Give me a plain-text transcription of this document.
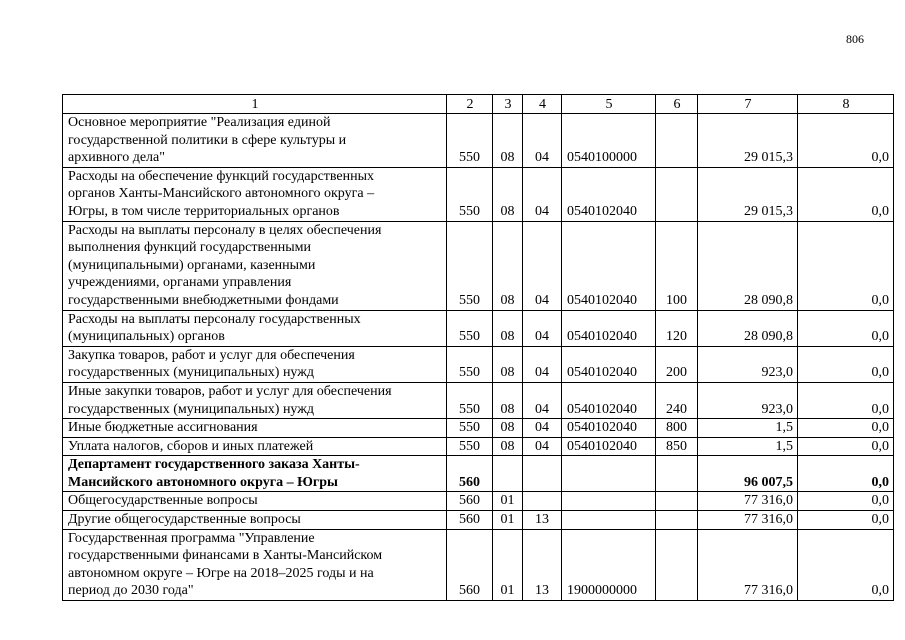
806
1	2	3	4	5	6	7	8

Основное мероприятие "Реализация единой
государственной политики в сфере культуры и
архивного дела"	550	08	04	0540100000		29 015,3	0,0

Расходы на обеспечение функций государственных
органов Ханты-Мансийского автономного округа –
Югры, в том числе территориальных органов	550	08	04	0540102040		29 015,3	0,0

Расходы на выплаты персоналу в целях обеспечения
выполнения функций государственными
(муниципальными) органами, казенными
учреждениями, органами управления
государственными внебюджетными фондами	550	08	04	0540102040	100	28 090,8	0,0

Расходы на выплаты персоналу государственных
(муниципальных) органов	550	08	04	0540102040	120	28 090,8	0,0

Закупка товаров, работ и услуг для обеспечения
государственных (муниципальных) нужд	550	08	04	0540102040	200	923,0	0,0

Иные закупки товаров, работ и услуг для обеспечения
государственных (муниципальных) нужд	550	08	04	0540102040	240	923,0	0,0

Иные бюджетные ассигнования	550	08	04	0540102040	800	1,5	0,0

Уплата налогов, сборов и иных платежей	550	08	04	0540102040	850	1,5	0,0

Департамент государственного заказа Ханты-
Мансийского автономного округа – Югры	560					96 007,5	0,0

Общегосударственные вопросы	560	01				77 316,0	0,0

Другие общегосударственные вопросы	560	01	13			77 316,0	0,0

Государственная программа "Управление
государственными финансами в Ханты-Мансийском
автономном округе – Югре на 2018–2025 годы и на
период до 2030 года"	560	01	13	1900000000		77 316,0	0,0
